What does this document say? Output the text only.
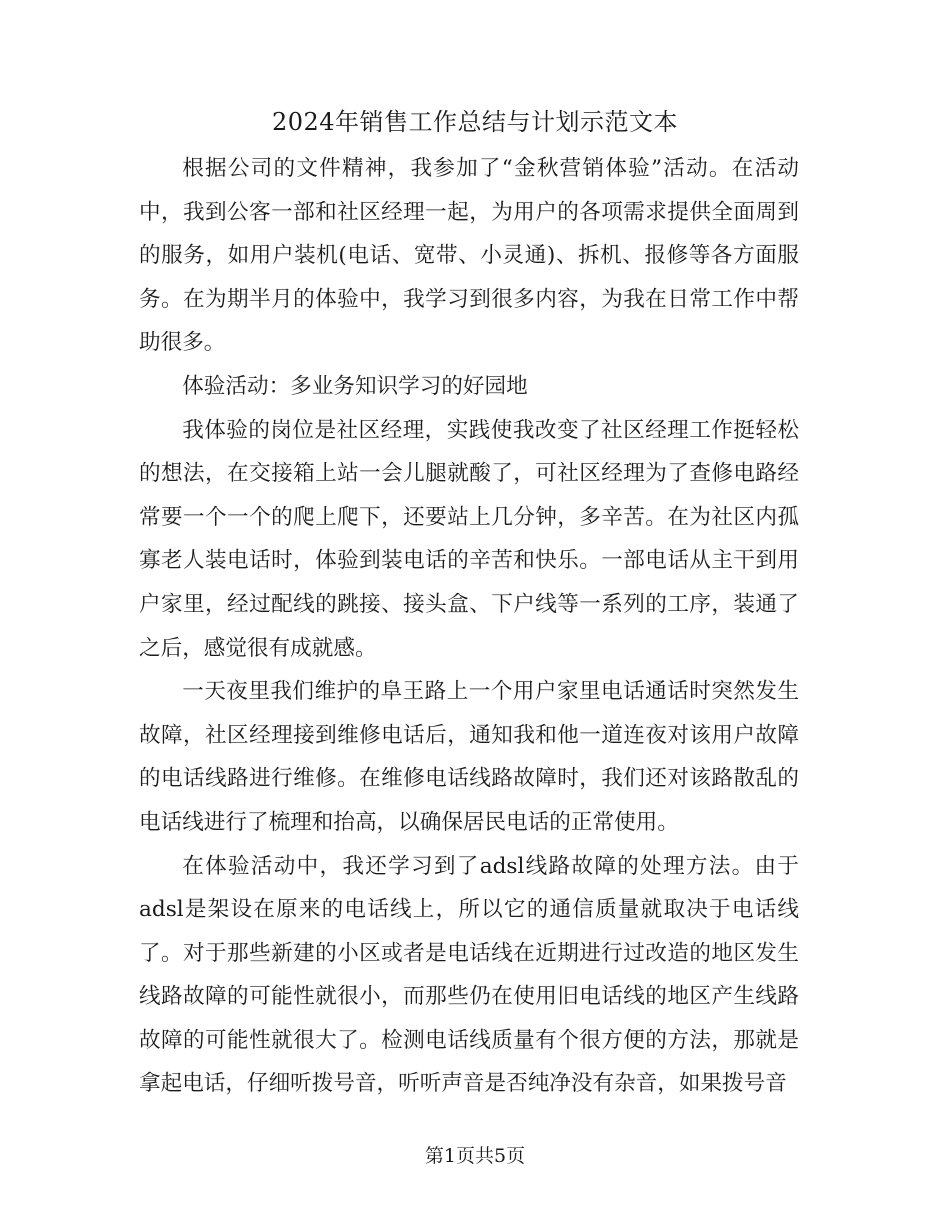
2024年销售工作总结与计划示范文本

根据公司的文件精神，我参加了“金秋营销体验”活动。在活动中，我到公客一部和社区经理一起，为用户的各项需求提供全面周到的服务，如用户装机(电话、宽带、小灵通)、拆机、报修等各方面服务。在为期半月的体验中，我学习到很多内容，为我在日常工作中帮助很多。

体验活动：多业务知识学习的好园地

我体验的岗位是社区经理，实践使我改变了社区经理工作挺轻松的想法，在交接箱上站一会儿腿就酸了，可社区经理为了查修电路经常要一个一个的爬上爬下，还要站上几分钟，多辛苦。在为社区内孤寡老人装电话时，体验到装电话的辛苦和快乐。一部电话从主干到用户家里，经过配线的跳接、接头盒、下户线等一系列的工序，装通了之后，感觉很有成就感。

一天夜里我们维护的阜王路上一个用户家里电话通话时突然发生故障，社区经理接到维修电话后，通知我和他一道连夜对该用户故障的电话线路进行维修。在维修电话线路故障时，我们还对该路散乱的电话线进行了梳理和抬高，以确保居民电话的正常使用。

在体验活动中，我还学习到了adsl线路故障的处理方法。由于adsl是架设在原来的电话线上，所以它的通信质量就取决于电话线了。对于那些新建的小区或者是电话线在近期进行过改造的地区发生线路故障的可能性就很小，而那些仍在使用旧电话线的地区产生线路故障的可能性就很大了。检测电话线质量有个很方便的方法，那就是拿起电话，仔细听拨号音，听听声音是否纯净没有杂音，如果拨号音

第1页共5页
